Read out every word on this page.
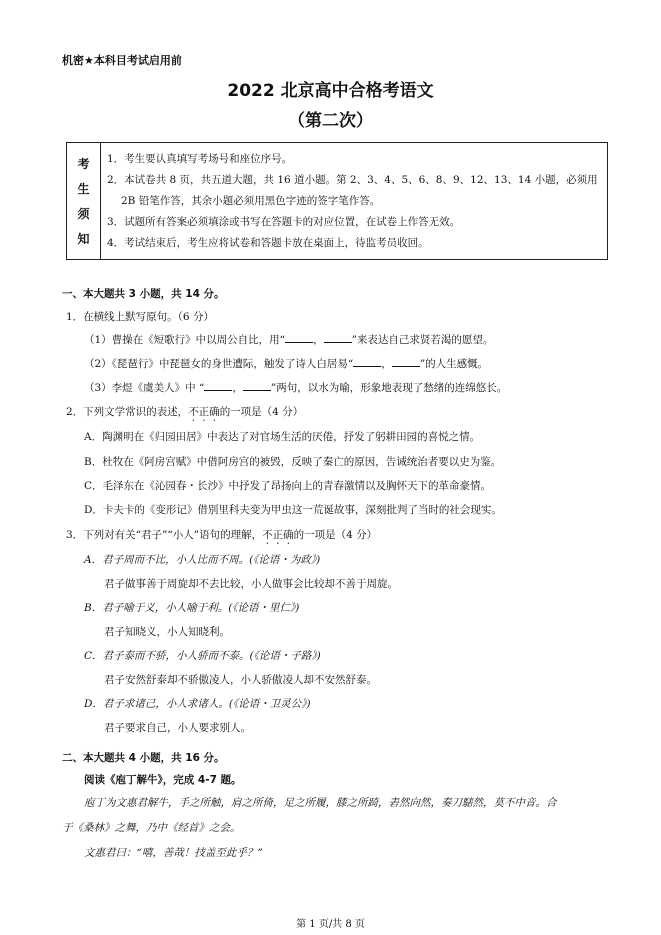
机密★本科目考试启用前
2022 北京高中合格考语文
（第二次）
考
生
须
知
1．考生要认真填写考场号和座位序号。
2．本试卷共 8 页，共五道大题，共 16 道小题。第 2、3、4、5、6、8、9、12、13、14 小题，必须用 2B 铅笔作答，其余小题必须用黑色字迹的签字笔作答。
3．试题所有答案必须填涂或书写在答题卡的对应位置，在试卷上作答无效。
4．考试结束后，考生应将试卷和答题卡放在桌面上，待监考员收回。
一、本大题共 3 小题，共 14 分。
1．在横线上默写原句。（6 分）
（1）曹操在《短歌行》中以周公自比，用“	，	”来表达自己求贤若渴的愿望。
（2）《琵琶行》中琵琶女的身世遭际，触发了诗人白居易“	，	”的人生感慨。
（3）李煜《虞美人》中 “	，	”两句，以水为喻，形象地表现了愁绪的连绵悠长。
2．下列文学常识的表述，不正确的一项是（4 分）
A．陶渊明在《归园田居》中表达了对官场生活的厌倦，抒发了躬耕田园的喜悦之情。
B．杜牧在《阿房宫赋》中借阿房宫的被毁，反映了秦亡的原因，告诫统治者要以史为鉴。
C．毛泽东在《沁园春・长沙》中抒发了昂扬向上的青春激情以及胸怀天下的革命豪情。
D．卡夫卡的《变形记》借别里科夫变为甲虫这一荒诞故事，深刻批判了当时的社会现实。
3．下列对有关“君子”“小人”语句的理解，不正确的一项是（4 分）
A．君子周而不比，小人比而不周。(《论语・为政》)
君子做事善于周旋却不去比较，小人做事会比较却不善于周旋。
B．君子喻于义，小人喻于利。(《论语・里仁》)
君子知晓义，小人知晓利。
C．君子泰而不骄，小人骄而不泰。(《论语・子路》)
君子安然舒泰却不骄傲凌人，小人骄傲凌人却不安然舒泰。
D．君子求诸己，小人求诸人。(《论语・卫灵公》)
君子要求自己，小人要求别人。
二、本大题共 4 小题，共 16 分。
阅读《庖丁解牛》，完成 4-7 题。
庖丁为文惠君解牛，手之所触，肩之所倚，足之所履，膝之所踦，砉然向然，奏刀騞然，莫不中音。合
于《桑林》之舞，乃中《经首》之会。
文惠君曰：“嘻，善哉！技盖至此乎？”
第 1 页/共 8 页
